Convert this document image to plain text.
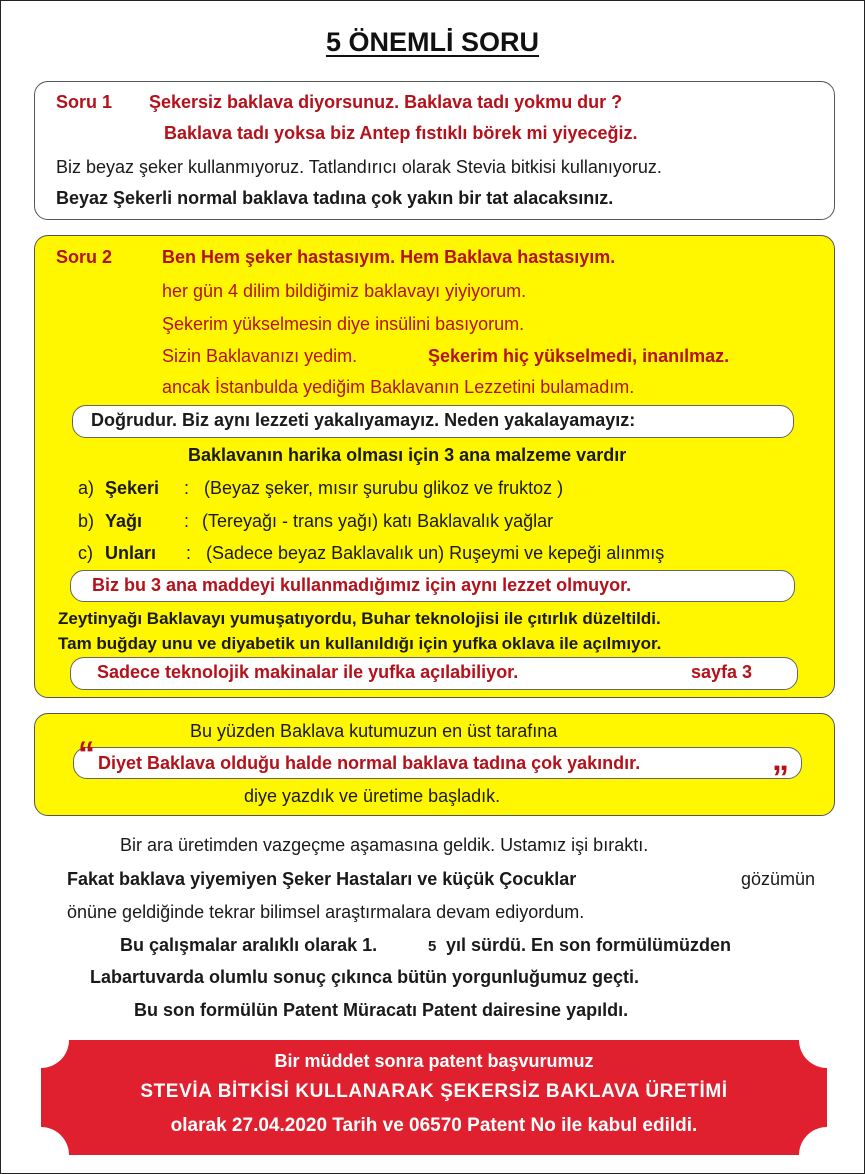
5 ÖNEMLİ SORU
Soru 1 Şekersiz baklava diyorsunuz. Baklava tadı yokmu dur ?
Baklava tadı yoksa biz Antep fıstıklı börek mi yiyeceğiz.
Biz beyaz şeker kullanmıyoruz. Tatlandırıcı olarak Stevia bitkisi kullanıyoruz.
Beyaz Şekerli normal baklava tadına çok yakın bir tat alacaksınız.
Soru 2	Ben Hem şeker hastasıyım. Hem Baklava hastasıyım.
her gün 4 dilim bildiğimiz baklavayı yiyiyorum.
Şekerim yükselmesin diye insülini basıyorum.
Sizin Baklavanızı yedim.	Şekerim hiç yükselmedi, inanılmaz.
ancak İstanbulda yediğim Baklavanın Lezzetini bulamadım.
Doğrudur. Biz aynı lezzeti yakalıyamayız. Neden yakalayamayız:
Baklavanın harika olması için 3 ana malzeme vardır
a) Şekeri : (Beyaz şeker, mısır şurubu glikoz ve fruktoz )
b) Yağı : (Tereyağı - trans yağı) katı Baklavalık yağlar
c) Unları : (Sadece beyaz Baklavalık un) Ruşeymi ve kepeği alınmış
Biz bu 3 ana maddeyi kullanmadığımız için aynı lezzet olmuyor.
Zeytinyağı Baklavayı yumuşatıyordu, Buhar teknolojisi ile çıtırlık düzeltildi.
Tam buğday unu ve diyabetik un kullanıldığı için yufka oklava ile açılmıyor.
Sadece teknolojik makinalar ile yufka açılabiliyor.	sayfa 3
Bu yüzden Baklava kutumuzun en üst tarafına
“ Diyet Baklava olduğu halde normal baklava tadına çok yakındır.	„
diye yazdık ve üretime başladık.
Bir ara üretimden vazgeçme aşamasına geldik. Ustamız işi bıraktı.
Fakat baklava yiyemiyen Şeker Hastaları ve küçük Çocuklar	gözümün
önüne geldiğinde tekrar bilimsel araştırmalara devam ediyordum.
Bu çalışmalar aralıklı olarak 1.	5 yıl sürdü. En son formülümüzden
Labartuvarda olumlu sonuç çıkınca bütün yorgunluğumuz geçti.
Bu son formülün Patent Müracatı Patent dairesine yapıldı.
Bir müddet sonra patent başvurumuz
STEVİA BİTKİSİ KULLANARAK ŞEKERSİZ BAKLAVA ÜRETİMİ
olarak 27.04.2020 Tarih ve 06570 Patent No ile kabul edildi.
